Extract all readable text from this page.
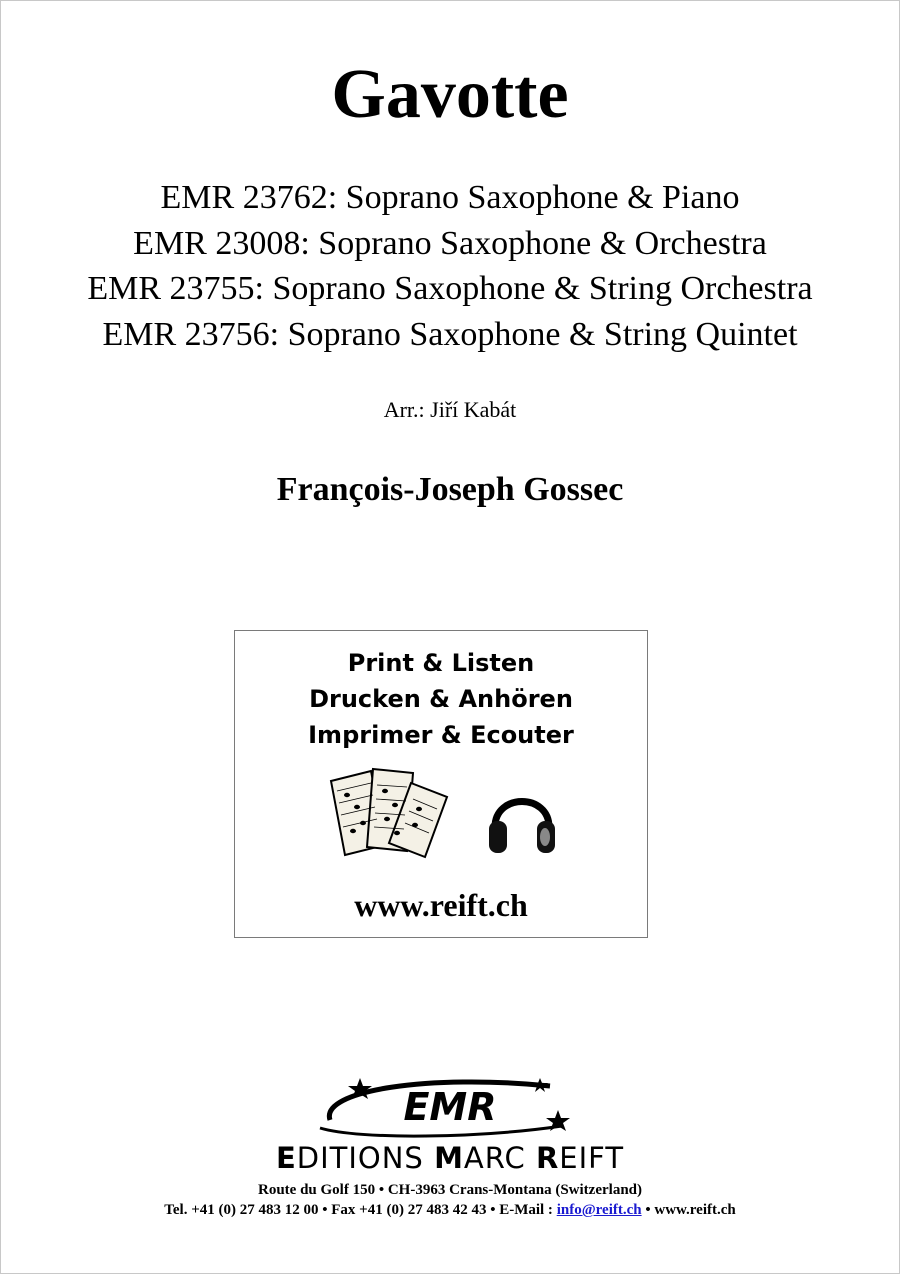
Gavotte
EMR 23762: Soprano Saxophone & Piano
EMR 23008: Soprano Saxophone & Orchestra
EMR 23755: Soprano Saxophone & String Orchestra
EMR 23756: Soprano Saxophone & String Quintet
Arr.: Jiří Kabát
François-Joseph Gossec
Print & Listen
Drucken & Anhören
Imprimer & Ecouter
www.reift.ch
EMR
EDITIONS MARC REIFT
Route du Golf 150 • CH-3963 Crans-Montana (Switzerland)
Tel. +41 (0) 27 483 12 00 • Fax +41 (0) 27 483 42 43 • E-Mail : info@reift.ch • www.reift.ch
